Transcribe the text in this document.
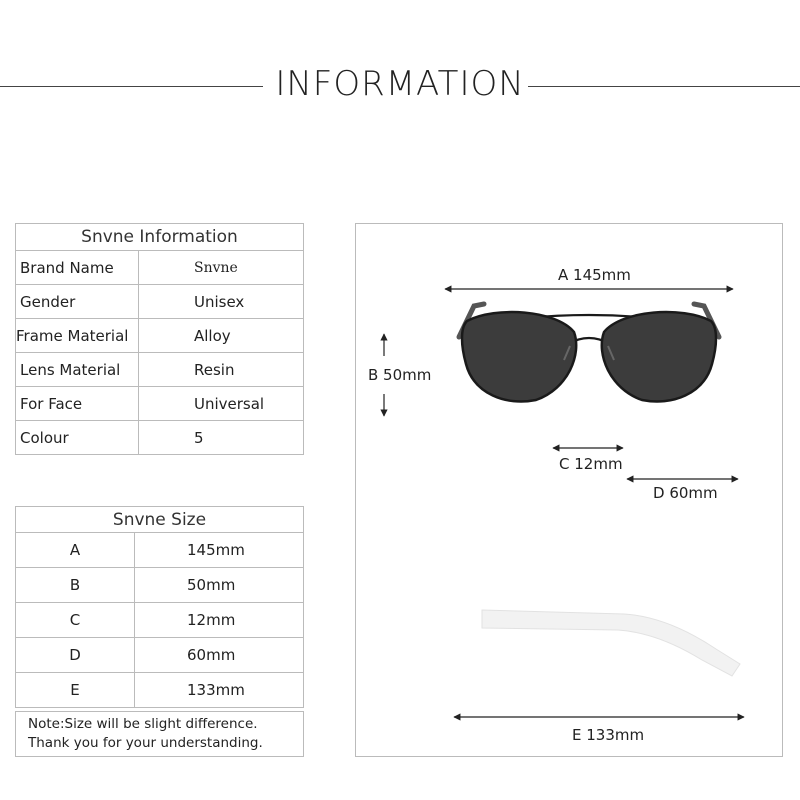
INFORMATION
Snvne Information	
Brand Name	Snvne
Gender	Unisex
Frame Material	Alloy
Lens Material	Resin
For Face	Universal
Colour	5
Snvne Size	
A	145mm
B	50mm
C	12mm
D	60mm
E	133mm
Note:Size will be slight difference.
Thank you for your understanding.
A 145mm
B 50mm
C 12mm
D 60mm
E 133mm
